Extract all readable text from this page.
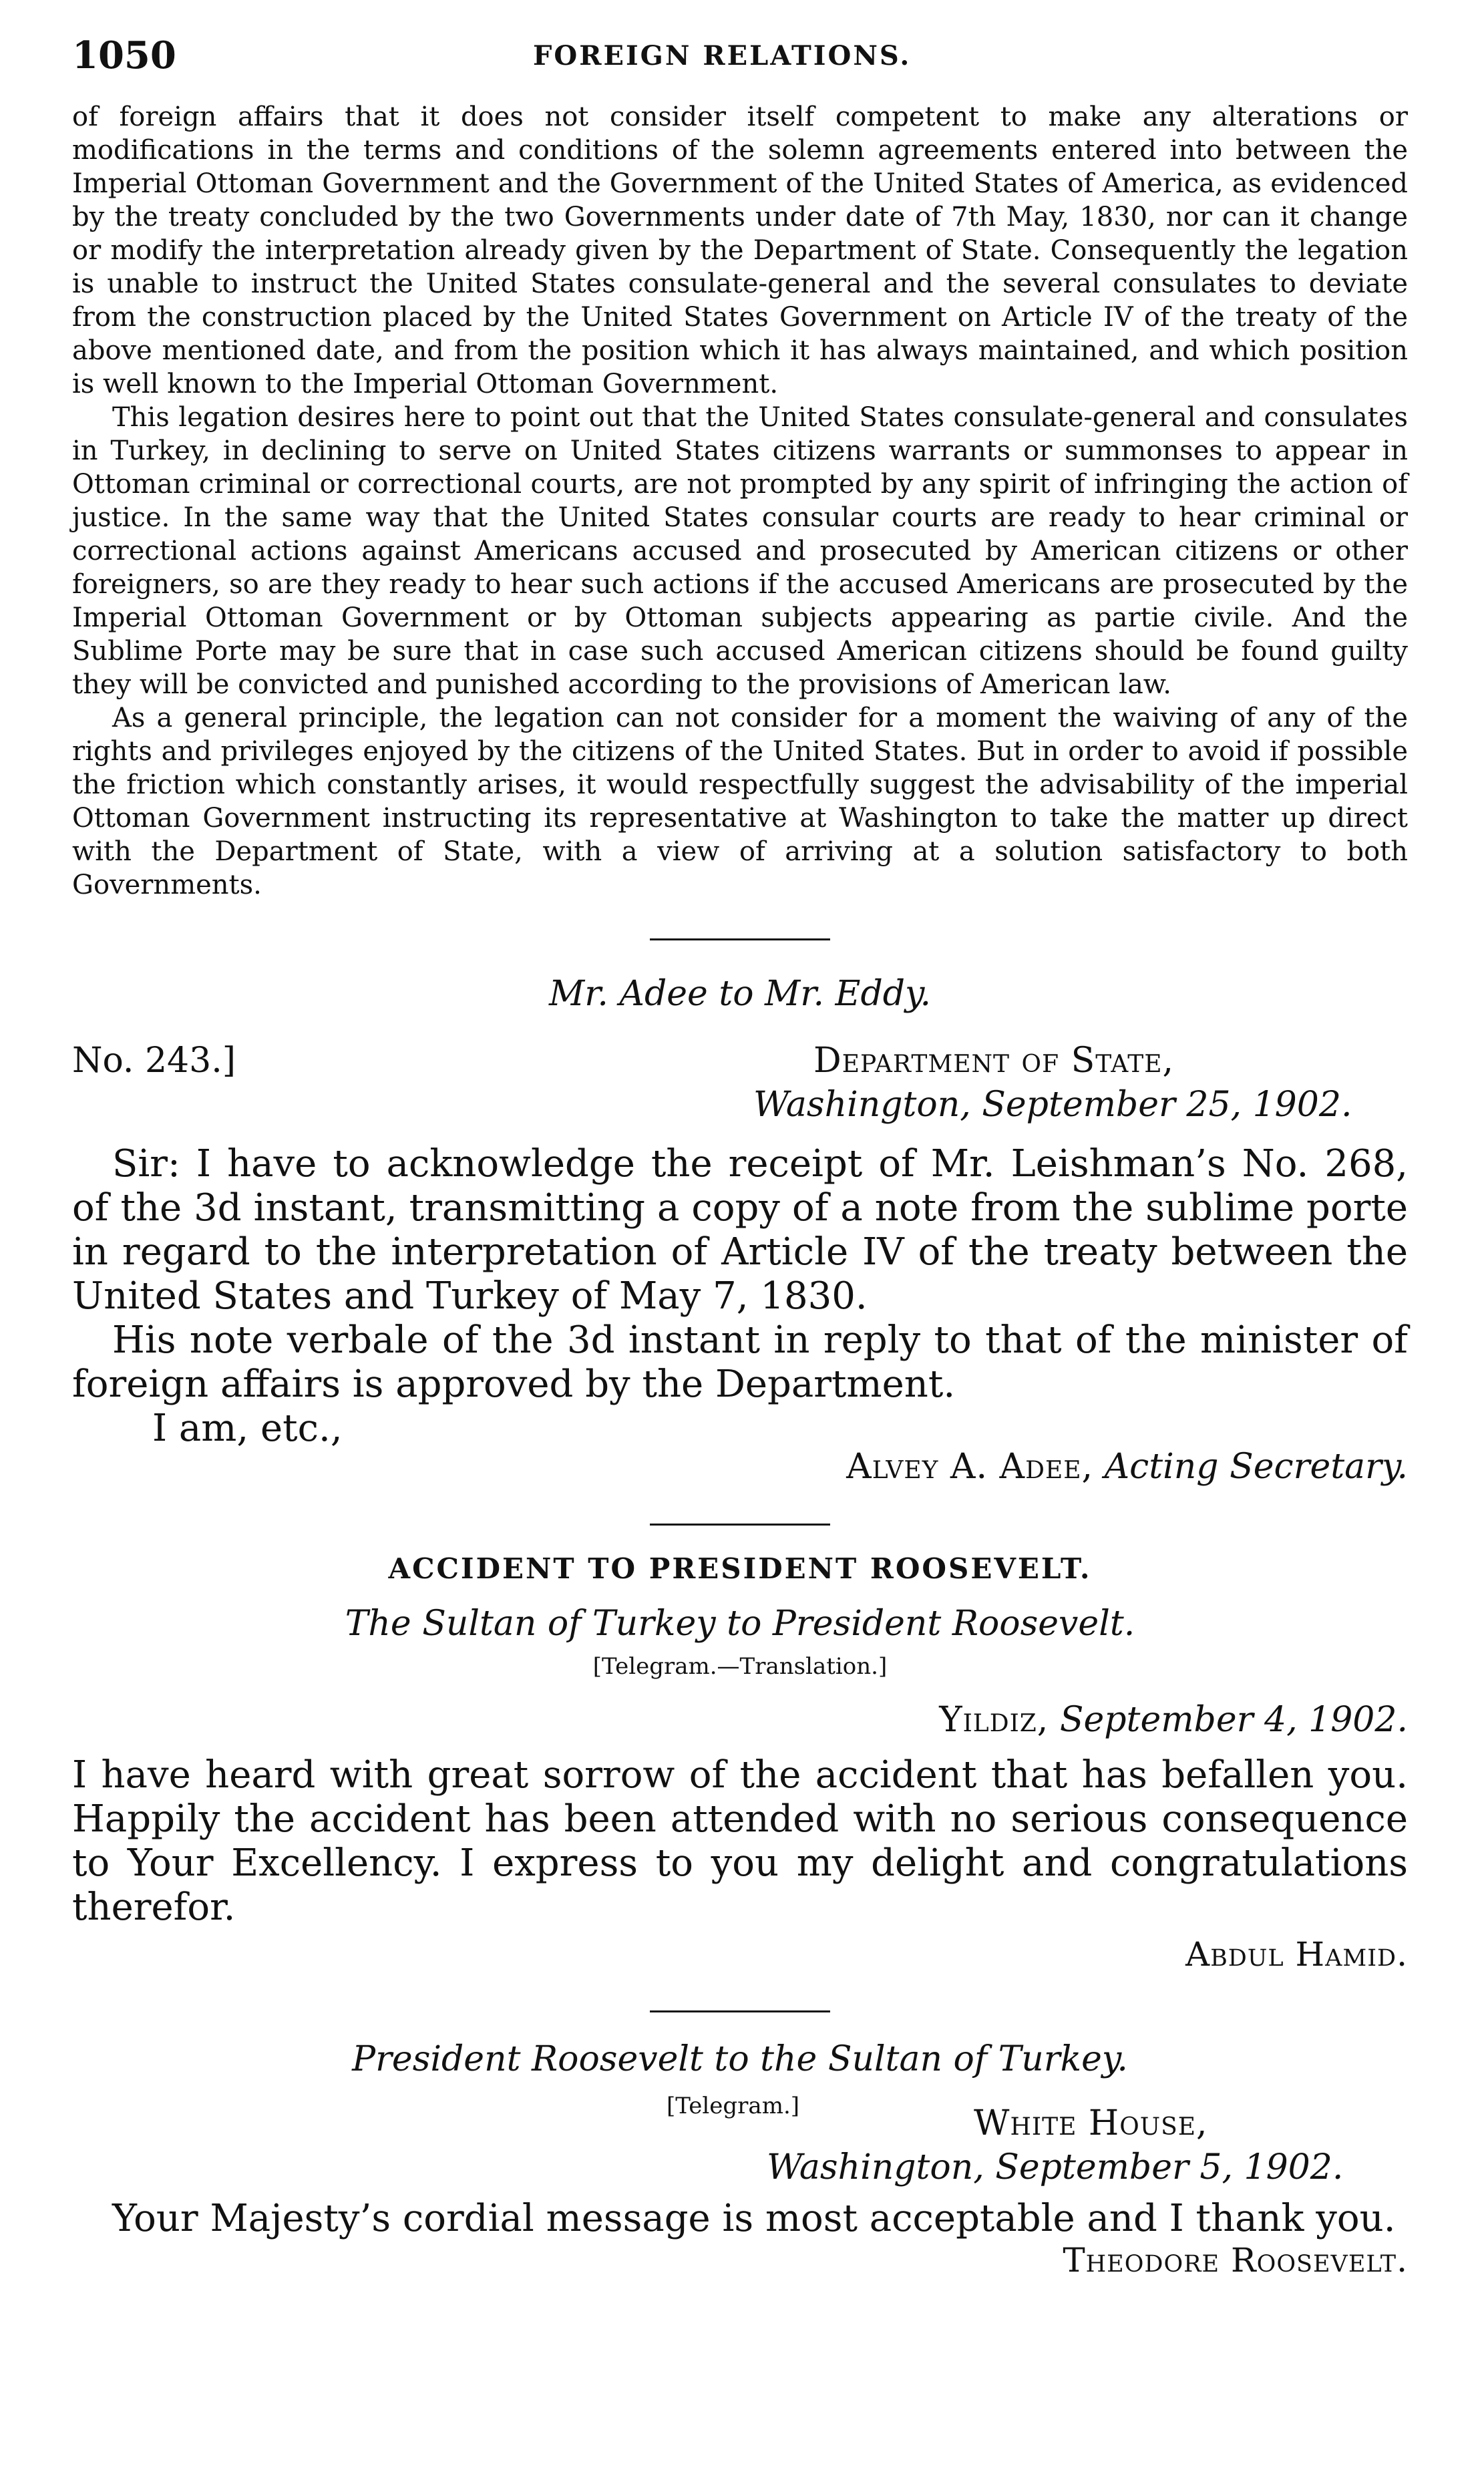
1050	FOREIGN RELATIONS.

of foreign affairs that it does not consider itself competent to make any alterations or modifications in the terms and conditions of the solemn agreements entered into between the Imperial Ottoman Government and the Government of the United States of America, as evidenced by the treaty concluded by the two Governments under date of 7th May, 1830, nor can it change or modify the interpretation already given by the Department of State. Consequently the legation is unable to instruct the United States consulate-general and the several consulates to deviate from the construction placed by the United States Government on Article IV of the treaty of the above mentioned date, and from the position which it has always maintained, and which position is well known to the Imperial Ottoman Government.

This legation desires here to point out that the United States consulate-general and consulates in Turkey, in declining to serve on United States citizens warrants or summonses to appear in Ottoman criminal or correctional courts, are not prompted by any spirit of infringing the action of justice. In the same way that the United States consular courts are ready to hear criminal or correctional actions against Americans accused and prosecuted by American citizens or other foreigners, so are they ready to hear such actions if the accused Americans are prosecuted by the Imperial Ottoman Government or by Ottoman subjects appearing as partie civile. And the Sublime Porte may be sure that in case such accused American citizens should be found guilty they will be convicted and punished according to the provisions of American law.

As a general principle, the legation can not consider for a moment the waiving of any of the rights and privileges enjoyed by the citizens of the United States. But in order to avoid if possible the friction which constantly arises, it would respectfully suggest the advisability of the imperial Ottoman Government instructing its representative at Washington to take the matter up direct with the Department of State, with a view of arriving at a solution satisfactory to both Governments.

Mr. Adee to Mr. Eddy.
No. 243.]	Department of State,
Washington, September 25, 1902.

Sir: I have to acknowledge the receipt of Mr. Leishman’s No. 268, of the 3d instant, transmitting a copy of a note from the sublime porte in regard to the interpretation of Article IV of the treaty between the United States and Turkey of May 7, 1830.

His note verbale of the 3d instant in reply to that of the minister of foreign affairs is approved by the Department.

I am, etc.,

Alvey A. Adee, Acting Secretary.
ACCIDENT TO PRESIDENT ROOSEVELT.
The Sultan of Turkey to President Roosevelt.
[Telegram.—Translation.]
Yildiz, September 4, 1902.

I have heard with great sorrow of the accident that has befallen you. Happily the accident has been attended with no serious consequence to Your Excellency. I express to you my delight and congratulations therefor.

Abdul Hamid.
President Roosevelt to the Sultan of Turkey.
[Telegram.]	White House,
Washington, September 5, 1902.

Your Majesty’s cordial message is most acceptable and I thank you.

Theodore Roosevelt.
